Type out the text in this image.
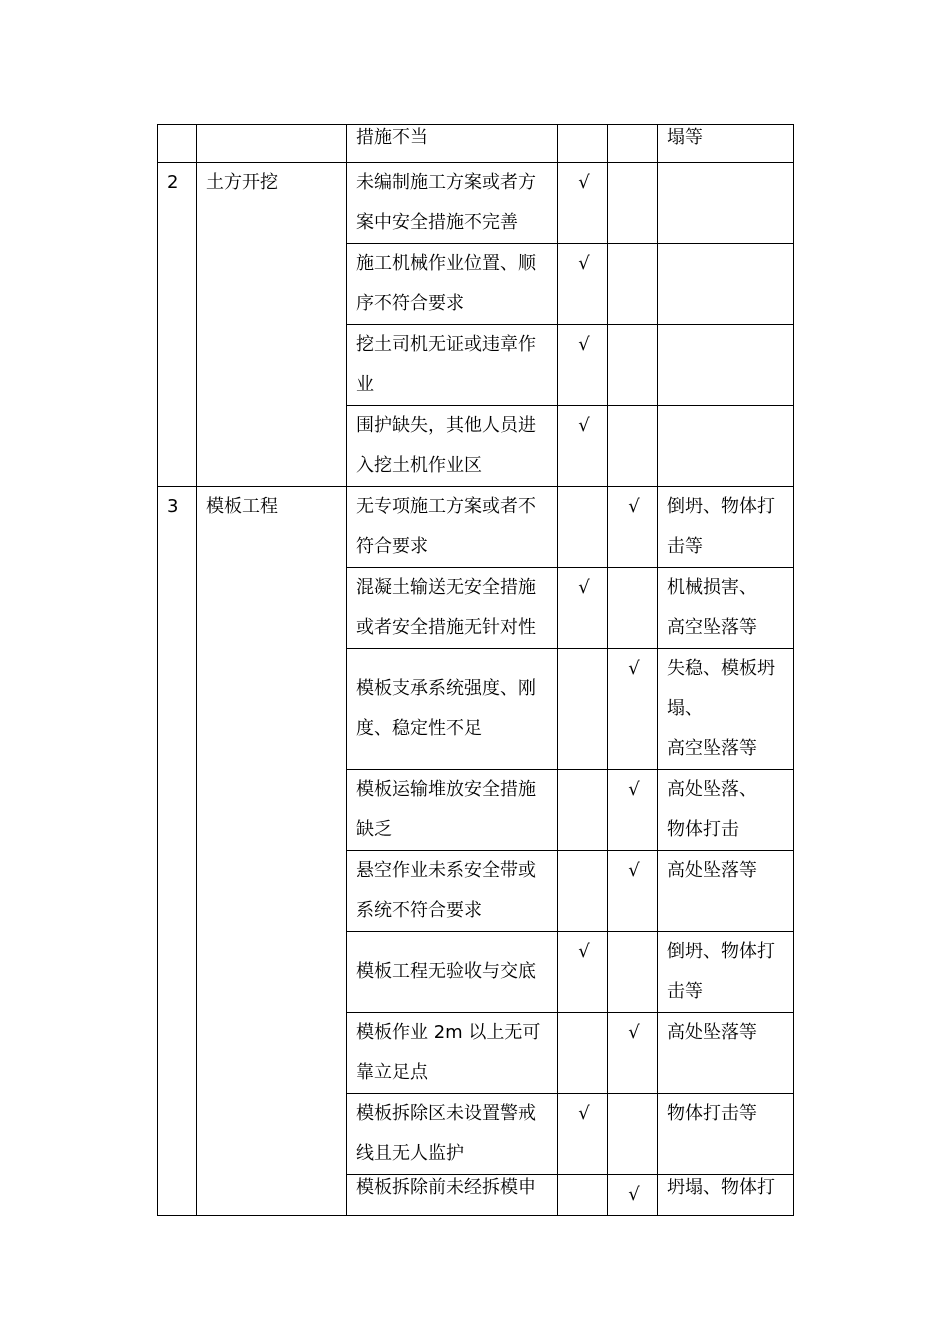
		措施不当			塌等
2	土方开挖	未编制施工方案或者方案中安全措施不完善	√		
		施工机械作业位置、顺序不符合要求	√		
		挖土司机无证或违章作业	√		
		围护缺失，其他人员进入挖土机作业区	√		
3	模板工程	无专项施工方案或者不符合要求		√	倒坍、物体打击等
		混凝土输送无安全措施或者安全措施无针对性	√		机械损害、
高空坠落等

		模板支承系统强度、刚度、稳定性不足		√	失稳、模板坍塌、
高空坠落等

		模板运输堆放安全措施缺乏		√	高处坠落、
物体打击

		悬空作业未系安全带或系统不符合要求		√	高处坠落等
		模板工程无验收与交底	√		倒坍、物体打击等
		模板作业 2m 以上无可靠立足点		√	高处坠落等
		模板拆除区未设置警戒线且无人监护	√		物体打击等
		模板拆除前未经拆模申		√	坍塌、物体打
